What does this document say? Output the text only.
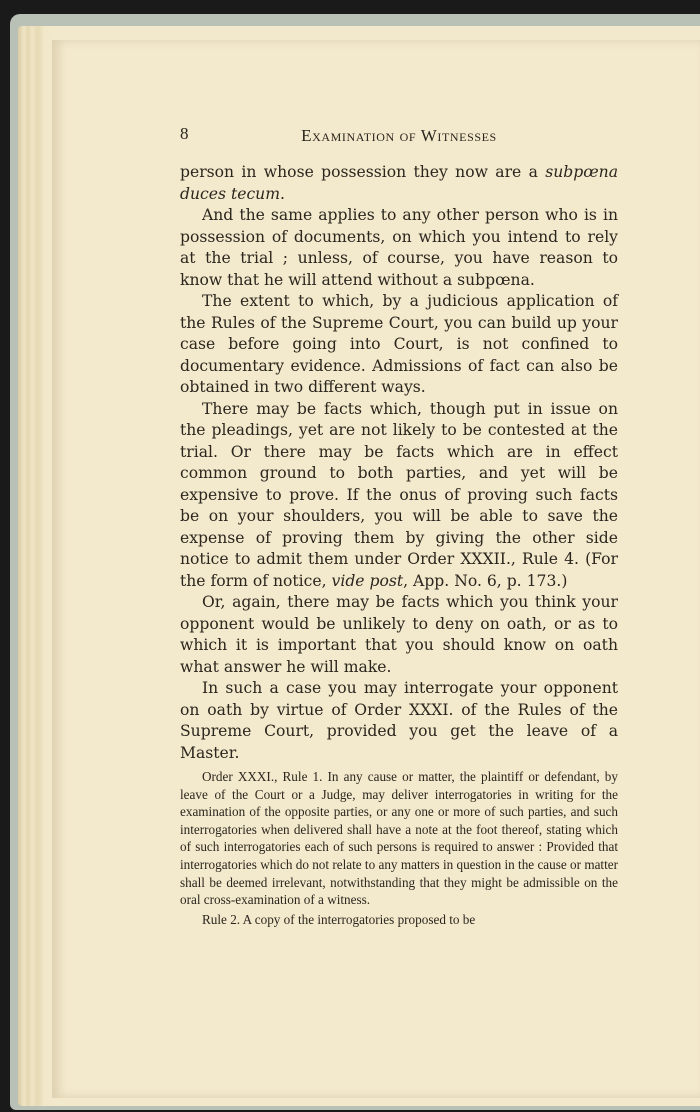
8	Examination of Witnesses

person in whose possession they now are a subpœna duces tecum.

And the same applies to any other person who is in possession of documents, on which you intend to rely at the trial ; unless, of course, you have reason to know that he will attend without a subpœna.

The extent to which, by a judicious application of the Rules of the Supreme Court, you can build up your case before going into Court, is not confined to documentary evidence. Admissions of fact can also be obtained in two different ways.

There may be facts which, though put in issue on the pleadings, yet are not likely to be contested at the trial. Or there may be facts which are in effect common ground to both parties, and yet will be expensive to prove. If the onus of proving such facts be on your shoulders, you will be able to save the expense of proving them by giving the other side notice to admit them under Order XXXII., Rule 4. (For the form of notice, vide post, App. No. 6, p. 173.)

Or, again, there may be facts which you think your opponent would be unlikely to deny on oath, or as to which it is important that you should know on oath what answer he will make.

In such a case you may interrogate your opponent on oath by virtue of Order XXXI. of the Rules of the Supreme Court, provided you get the leave of a Master.

Order XXXI., Rule 1. In any cause or matter, the plaintiff or defendant, by leave of the Court or a Judge, may deliver interrogatories in writing for the examination of the opposite parties, or any one or more of such parties, and such interrogatories when delivered shall have a note at the foot thereof, stating which of such interrogatories each of such persons is required to answer : Provided that interrogatories which do not relate to any matters in question in the cause or matter shall be deemed irrelevant, notwithstanding that they might be admissible on the oral cross-examination of a witness.
Rule 2. A copy of the interrogatories proposed to be
